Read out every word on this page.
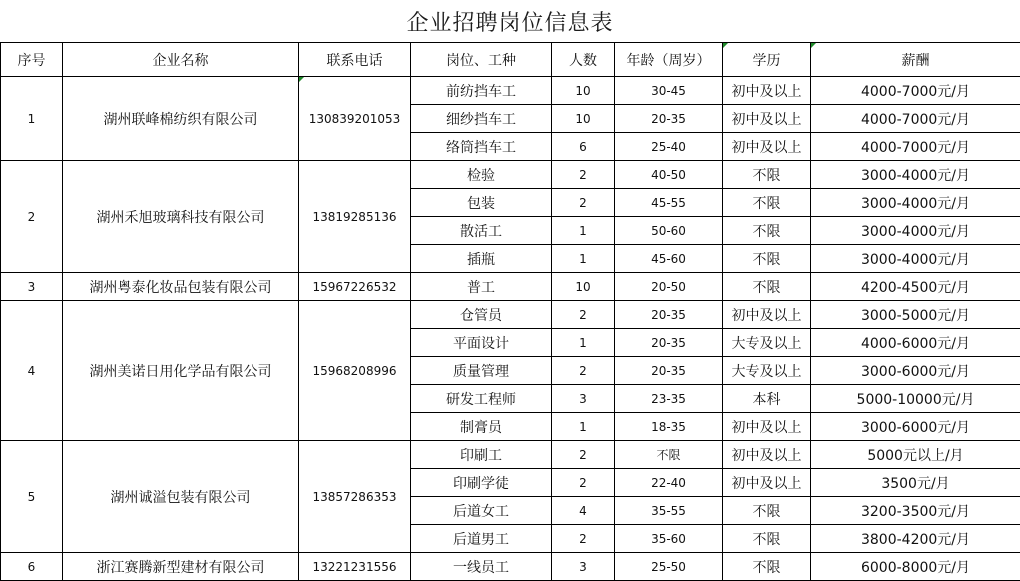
企业招聘岗位信息表
序号	企业名称	联系电话	岗位、工种	人数	年龄（周岁）	学历	薪酬
1	湖州联峰棉纺织有限公司	130839201053	前纺挡车工	10	30-45	初中及以上	4000-7000元/月
			细纱挡车工	10	20-35	初中及以上	4000-7000元/月
			络筒挡车工	6	25-40	初中及以上	4000-7000元/月
2	湖州禾旭玻璃科技有限公司	13819285136	检验	2	40-50	不限	3000-4000元/月
			包装	2	45-55	不限	3000-4000元/月
			散活工	1	50-60	不限	3000-4000元/月
			插瓶	1	45-60	不限	3000-4000元/月
3	湖州粤泰化妆品包装有限公司	15967226532	普工	10	20-50	不限	4200-4500元/月
4	湖州美诺日用化学品有限公司	15968208996	仓管员	2	20-35	初中及以上	3000-5000元/月
			平面设计	1	20-35	大专及以上	4000-6000元/月
			质量管理	2	20-35	大专及以上	3000-6000元/月
			研发工程师	3	23-35	本科	5000-10000元/月
			制膏员	1	18-35	初中及以上	3000-6000元/月
5	湖州诚溢包装有限公司	13857286353	印刷工	2	不限	初中及以上	5000元以上/月
			印刷学徒	2	22-40	初中及以上	3500元/月
			后道女工	4	35-55	不限	3200-3500元/月
			后道男工	2	35-60	不限	3800-4200元/月
6	浙江赛腾新型建材有限公司	13221231556	一线员工	3	25-50	不限	6000-8000元/月
